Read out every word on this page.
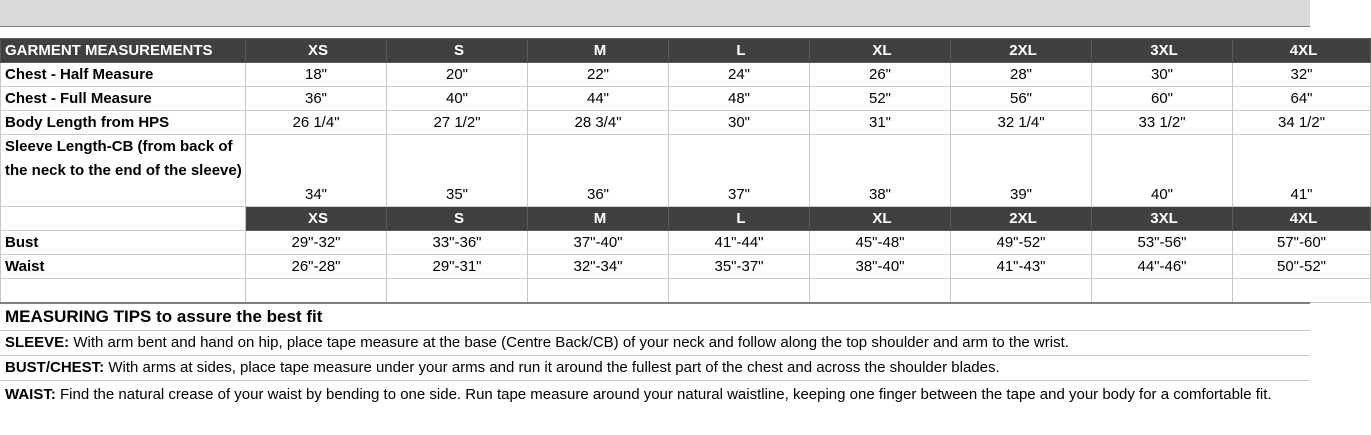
GARMENT MEASUREMENTS	XS	S	M	L	XL	2XL	3XL	4XL
Chest - Half Measure	18"	20"	22"	24"	26"	28"	30"	32"
Chest - Full Measure	36"	40"	44"	48"	52"	56"	60"	64"
Body Length from HPS	26 1/4"	27 1/2"	28 3/4"	30"	31"	32 1/4"	33 1/2"	34 1/2"
Sleeve Length-CB (from back of the neck to the end of the sleeve)	34"	35"	36"	37"	38"	39"	40"	41"
	XS	S	M	L	XL	2XL	3XL	4XL
Bust	29"-32"	33"-36"	37"-40"	41"-44"	45"-48"	49"-52"	53"-56"	57"-60"
Waist	26"-28"	29"-31"	32"-34"	35"-37"	38"-40"	41"-43"	44"-46"	50"-52"

MEASURING TIPS to assure the best fit
SLEEVE: With arm bent and hand on hip, place tape measure at the base (Centre Back/CB) of your neck and follow along the top shoulder and arm to the wrist.
BUST/CHEST: With arms at sides, place tape measure under your arms and run it around the fullest part of the chest and across the shoulder blades.
WAIST: Find the natural crease of your waist by bending to one side. Run tape measure around your natural waistline, keeping one finger between the tape and your body for a comfortable fit.
